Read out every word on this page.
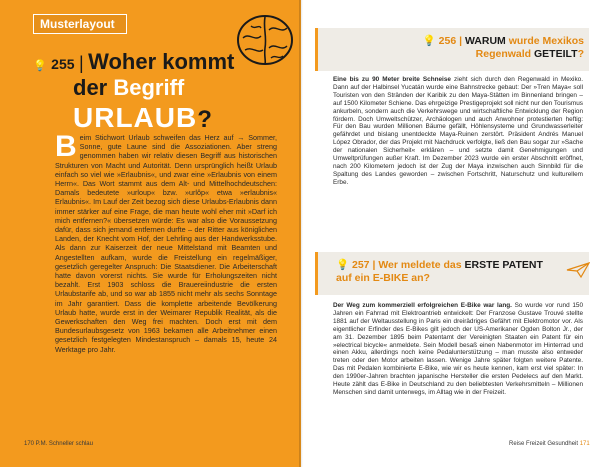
Musterlayout
💡 255 | Woher kommt
der Begriff
URLAUB?
Beim Stichwort Urlaub schweifen das Herz auf → Sommer, Sonne, gute Laune sind die Assoziationen. Aber streng genommen haben wir relativ diesen Begriff aus historischen Strukturen von Macht und Autorität. Denn ursprünglich heißt Urlaub einfach so viel wie »Erlaubnis«, und zwar eine »Erlaubnis von einem Herrn«. Das Wort stammt aus dem Alt- und Mittelhochdeutschen: Damals bedeutete »urloup« bzw. »urlôp« etwa »erlaubnis« Erlaubnis«. Im Lauf der Zeit bezog sich diese Urlaubs-Erlaubnis dann immer stärker auf eine Frage, die man heute wohl eher mit »Darf ich mich entfernen?« übersetzen würde: Es war also die Voraussetzung dafür, dass sich jemand entfernen durfte – der Ritter aus königlichen Landen, der Knecht vom Hof, der Lehrling aus der Handwerksstube. Als dann zur Kaiserzeit der neue Mittelstand mit Beamten und Angestellten aufkam, wurde die Freistellung ein regelmäßiger, gesetzlich geregelter Anspruch: Die Staatsdiener. Die Arbeiterschaft hatte davon vorerst nichts. Sie wurde für Erholungszeiten nicht bezahlt. Erst 1903 schloss die Brauereiindustrie die ersten Urlaubstarife ab, und so war ab 1855 nicht mehr als sechs Sonntage im Jahr garantiert. Dass die komplette arbeitende Bevölkerung Urlaub hatte, wurde erst in der Weimarer Republik Realität, als die Gewerkschaften den Weg frei machten. Doch erst mit dem Bundesurlaubsgesetz von 1963 bekamen alle Arbeitnehmer einen gesetzlich festgelegten Mindestanspruch – damals 15, heute 24 Werktage pro Jahr.
170 P.M. Schneller schlau
💡 256 | WARUM wurde Mexikos
Regenwald GETEILT?
Eine bis zu 90 Meter breite Schneise zieht sich durch den Regenwald in Mexiko. Dann auf der Halbinsel Yucatán wurde eine Bahnstrecke gebaut: Der »Tren Maya« soll Touristen von den Stränden der Karibik zu den Maya-Stätten im Binnenland bringen – auf 1500 Kilometer Schiene. Das ehrgeizige Prestigeprojekt soll nicht nur den Tourismus ankurbeln, sondern auch die Verkehrswege und wirtschaftliche Entwicklung der Region fördern. Doch Umweltschützer, Archäologen und auch Anwohner protestierten heftig: Für den Bau wurden Millionen Bäume gefällt, Höhlensysteme und Grundwasserleiter gefährdet und bislang unentdeckte Maya-Ruinen zerstört. Präsident Andrés Manuel López Obrador, der das Projekt mit Nachdruck verfolgte, ließ den Bau sogar zur »Sache der nationalen Sicherheit« erklären – und setzte damit Genehmigungen und Umweltprüfungen außer Kraft. Im Dezember 2023 wurde ein erster Abschnitt eröffnet, nach 200 Kilometern jedoch ist der Zug der Maya inzwischen auch Sinnbild für die Spaltung des Landes geworden – zwischen Fortschritt, Naturschutz und kulturellem Erbe.
💡 257 | Wer meldete das ERSTE PATENT
auf ein E-BIKE an?
Der Weg zum kommerziell erfolgreichen E-Bike war lang. So wurde vor rund 150 Jahren ein Fahrrad mit Elektroantrieb entwickelt: Der Franzose Gustave Trouvé stellte 1881 auf der Weltausstellung in Paris ein dreirädriges Gefährt mit Elektromotor vor. Als eigentlicher Erfinder des E-Bikes gilt jedoch der US-Amerikaner Ogden Bolton Jr., der am 31. Dezember 1895 beim Patentamt der Vereinigten Staaten ein Patent für ein »electrical bicycle« anmeldete. Sein Modell besaß einen Nabenmotor im Hinterrad und einen Akku, allerdings noch keine Pedalunterstützung – man musste also entweder treten oder den Motor arbeiten lassen. Wenige Jahre später folgten weitere Patente. Das mit Pedalen kombinierte E-Bike, wie wir es heute kennen, kam erst viel später: In den 1990er-Jahren brachten japanische Hersteller die ersten Pedelecs auf den Markt. Heute zählt das E-Bike in Deutschland zu den beliebtesten Verkehrsmitteln – Millionen Menschen sind damit unterwegs, im Alltag wie in der Freizeit.
Reise Freizeit Gesundheit 171
